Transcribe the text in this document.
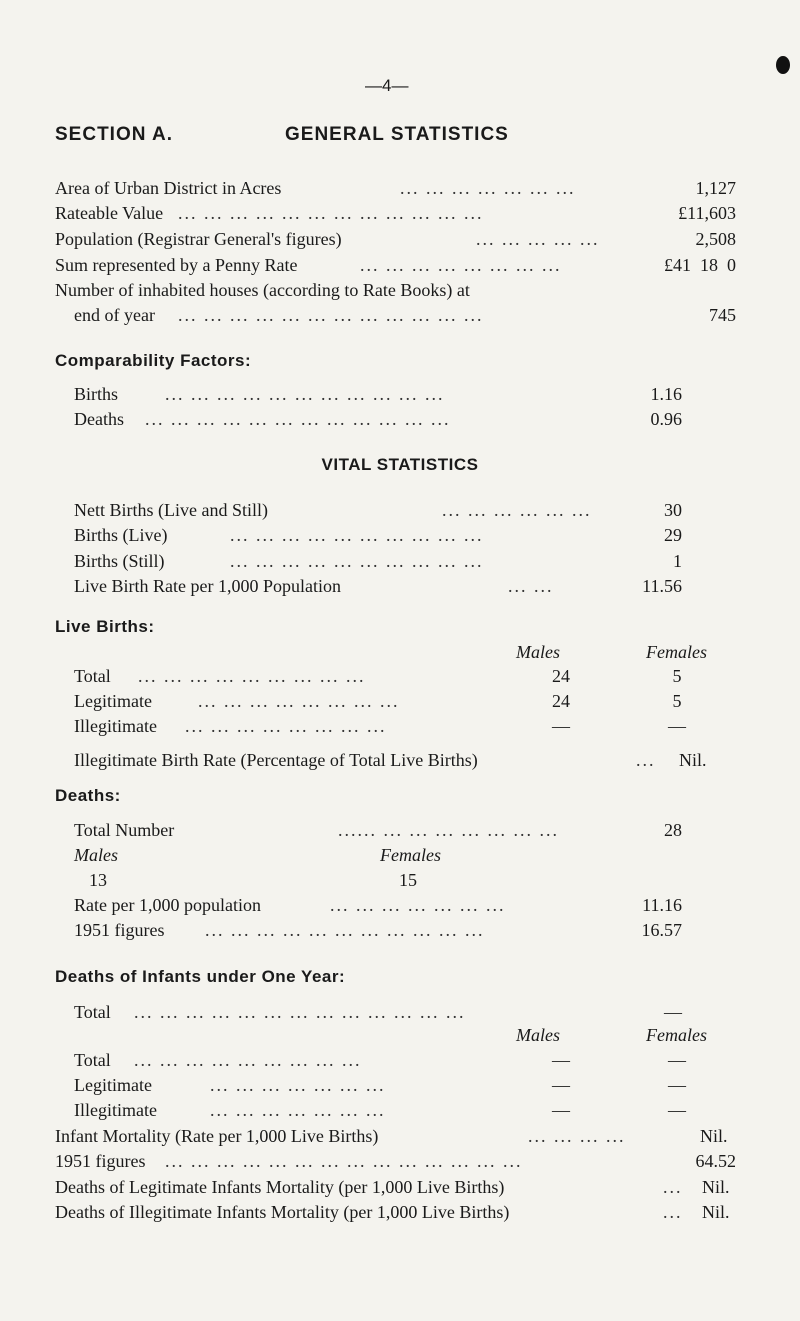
—4—
SECTION A.	GENERAL STATISTICS
Area of Urban District in Acres	... ... ... ... ... ... ...	1,127
Rateable Value ... ... ... ... ... ... ... ... ... ... ... ...	£11,603
Population (Registrar General's figures)	... ... ... ... ...	2,508
Sum represented by a Penny Rate	... ... ... ... ... ... ... ...	£41  18  0
Number of inhabited houses (according to Rate Books) at
end of year ... ... ... ... ... ... ... ... ... ... ... ...	745
Comparability Factors:
Births	... ... ... ... ... ... ... ... ... ... ...	1.16
Deaths ... ... ... ... ... ... ... ... ... ... ... ...	0.96
VITAL STATISTICS
Nett Births (Live and Still)	... ... ... ... ... ...	30
Births (Live)	... ... ... ... ... ... ... ... ... ...	29
Births (Still)	... ... ... ... ... ... ... ... ... ...	1
Live Birth Rate per 1,000 Population	... ...	11.56
Live Births:
Males	Females
Total ... ... ... ... ... ... ... ... ...	24	5
Legitimate	... ... ... ... ... ... ... ...	24	5
Illegitimate ... ... ... ... ... ... ... ...	—	—
Illegitimate Birth Rate (Percentage of Total Live Births)	... Nil.
Deaths:
Total Number	...... ... ... ... ... ... ... ...	28
Males	Females
13	15
Rate per 1,000 population	... ... ... ... ... ... ...	11.16
1951 figures ... ... ... ... ... ... ... ... ... ... ...	16.57
Deaths of Infants under One Year:
Total ... ... ... ... ... ... ... ... ... ... ... ... ...	—
Males	Females
Total ... ... ... ... ... ... ... ... ...	—	—
Legitimate	... ... ... ... ... ... ...	—	—
Illegitimate	... ... ... ... ... ... ...	—	—
Infant Mortality (Rate per 1,000 Live Births)	... ... ... ...	Nil.
1951 figures ... ... ... ... ... ... ... ... ... ... ... ... ... ...	64.52
Deaths of Legitimate Infants Mortality (per 1,000 Live Births)	... Nil.
Deaths of Illegitimate Infants Mortality (per 1,000 Live Births)	... Nil.
